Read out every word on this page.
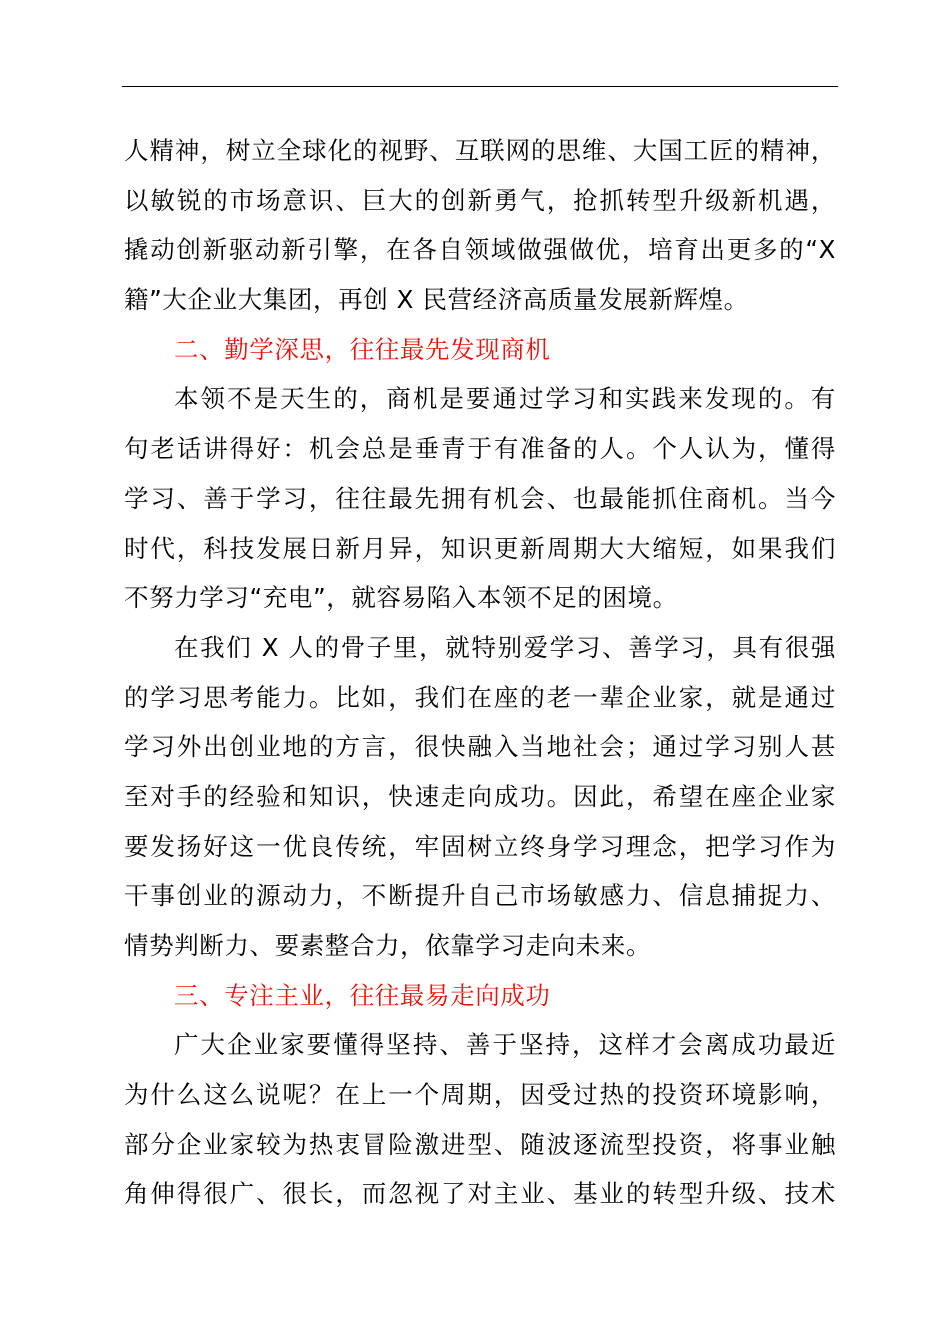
人精神，树立全球化的视野、互联网的思维、大国工匠的精神，
以敏锐的市场意识、巨大的创新勇气，抢抓转型升级新机遇，
撬动创新驱动新引擎，在各自领域做强做优，培育出更多的“X
籍”大企业大集团，再创 X 民营经济高质量发展新辉煌。
二、勤学深思，往往最先发现商机
本领不是天生的，商机是要通过学习和实践来发现的。有
句老话讲得好：机会总是垂青于有准备的人。个人认为，懂得
学习、善于学习，往往最先拥有机会、也最能抓住商机。当今
时代，科技发展日新月异，知识更新周期大大缩短，如果我们
不努力学习“充电”，就容易陷入本领不足的困境。
在我们 X 人的骨子里，就特别爱学习、善学习，具有很强
的学习思考能力。比如，我们在座的老一辈企业家，就是通过
学习外出创业地的方言，很快融入当地社会；通过学习别人甚
至对手的经验和知识，快速走向成功。因此，希望在座企业家
要发扬好这一优良传统，牢固树立终身学习理念，把学习作为
干事创业的源动力，不断提升自己市场敏感力、信息捕捉力、
情势判断力、要素整合力，依靠学习走向未来。
三、专注主业，往往最易走向成功
广大企业家要懂得坚持、善于坚持，这样才会离成功最近
为什么这么说呢？在上一个周期，因受过热的投资环境影响，
部分企业家较为热衷冒险激进型、随波逐流型投资，将事业触
角伸得很广、很长，而忽视了对主业、基业的转型升级、技术
